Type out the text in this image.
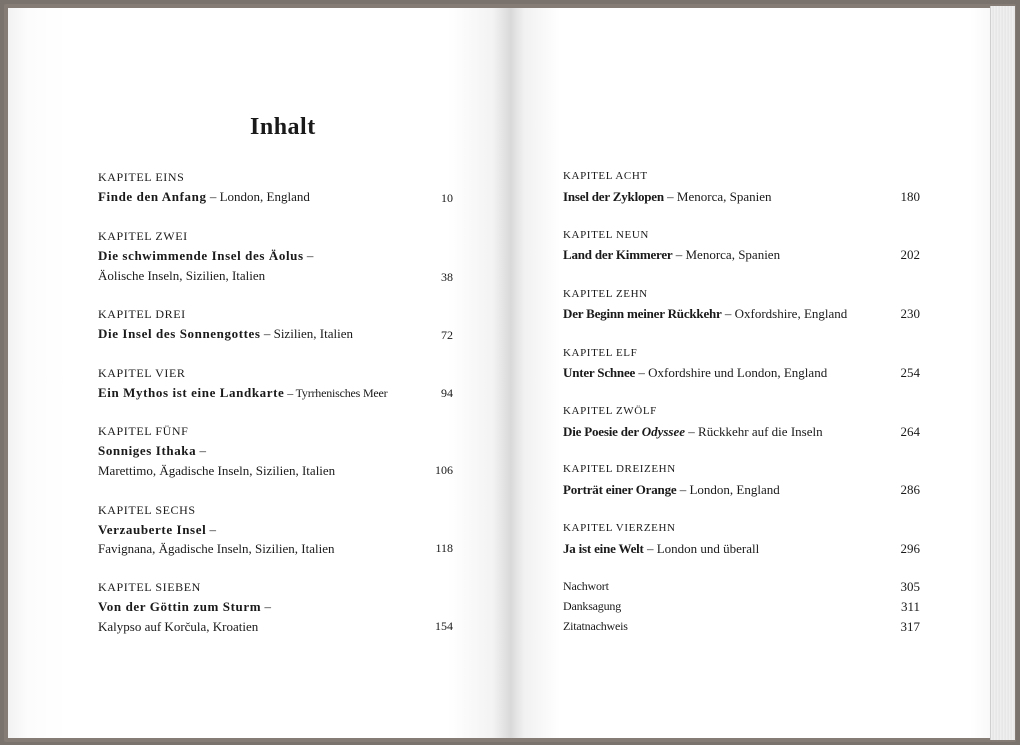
Inhalt
KAPITEL EINS
Finde den Anfang – London, England	10
KAPITEL ZWEI
Die schwimmende Insel des Äolus –
Äolische Inseln, Sizilien, Italien	38
KAPITEL DREI
Die Insel des Sonnengottes – Sizilien, Italien	72
KAPITEL VIER
Ein Mythos ist eine Landkarte – Tyrrhenisches Meer	94
KAPITEL FÜNF
Sonniges Ithaka –
Marettimo, Ägadische Inseln, Sizilien, Italien	106
KAPITEL SECHS
Verzauberte Insel –
Favignana, Ägadische Inseln, Sizilien, Italien	118
KAPITEL SIEBEN
Von der Göttin zum Sturm –
Kalypso auf Korčula, Kroatien	154
KAPITEL ACHT
Insel der Zyklopen – Menorca, Spanien	180
KAPITEL NEUN
Land der Kimmerer – Menorca, Spanien	202
KAPITEL ZEHN
Der Beginn meiner Rückkehr – Oxfordshire, England	230
KAPITEL ELF
Unter Schnee – Oxfordshire und London, England	254
KAPITEL ZWÖLF
Die Poesie der Odyssee – Rückkehr auf die Inseln	264
KAPITEL DREIZEHN
Porträt einer Orange – London, England	286
KAPITEL VIERZEHN
Ja ist eine Welt – London und überall	296
Nachwort	305
Danksagung	311
Zitatnachweis	317
